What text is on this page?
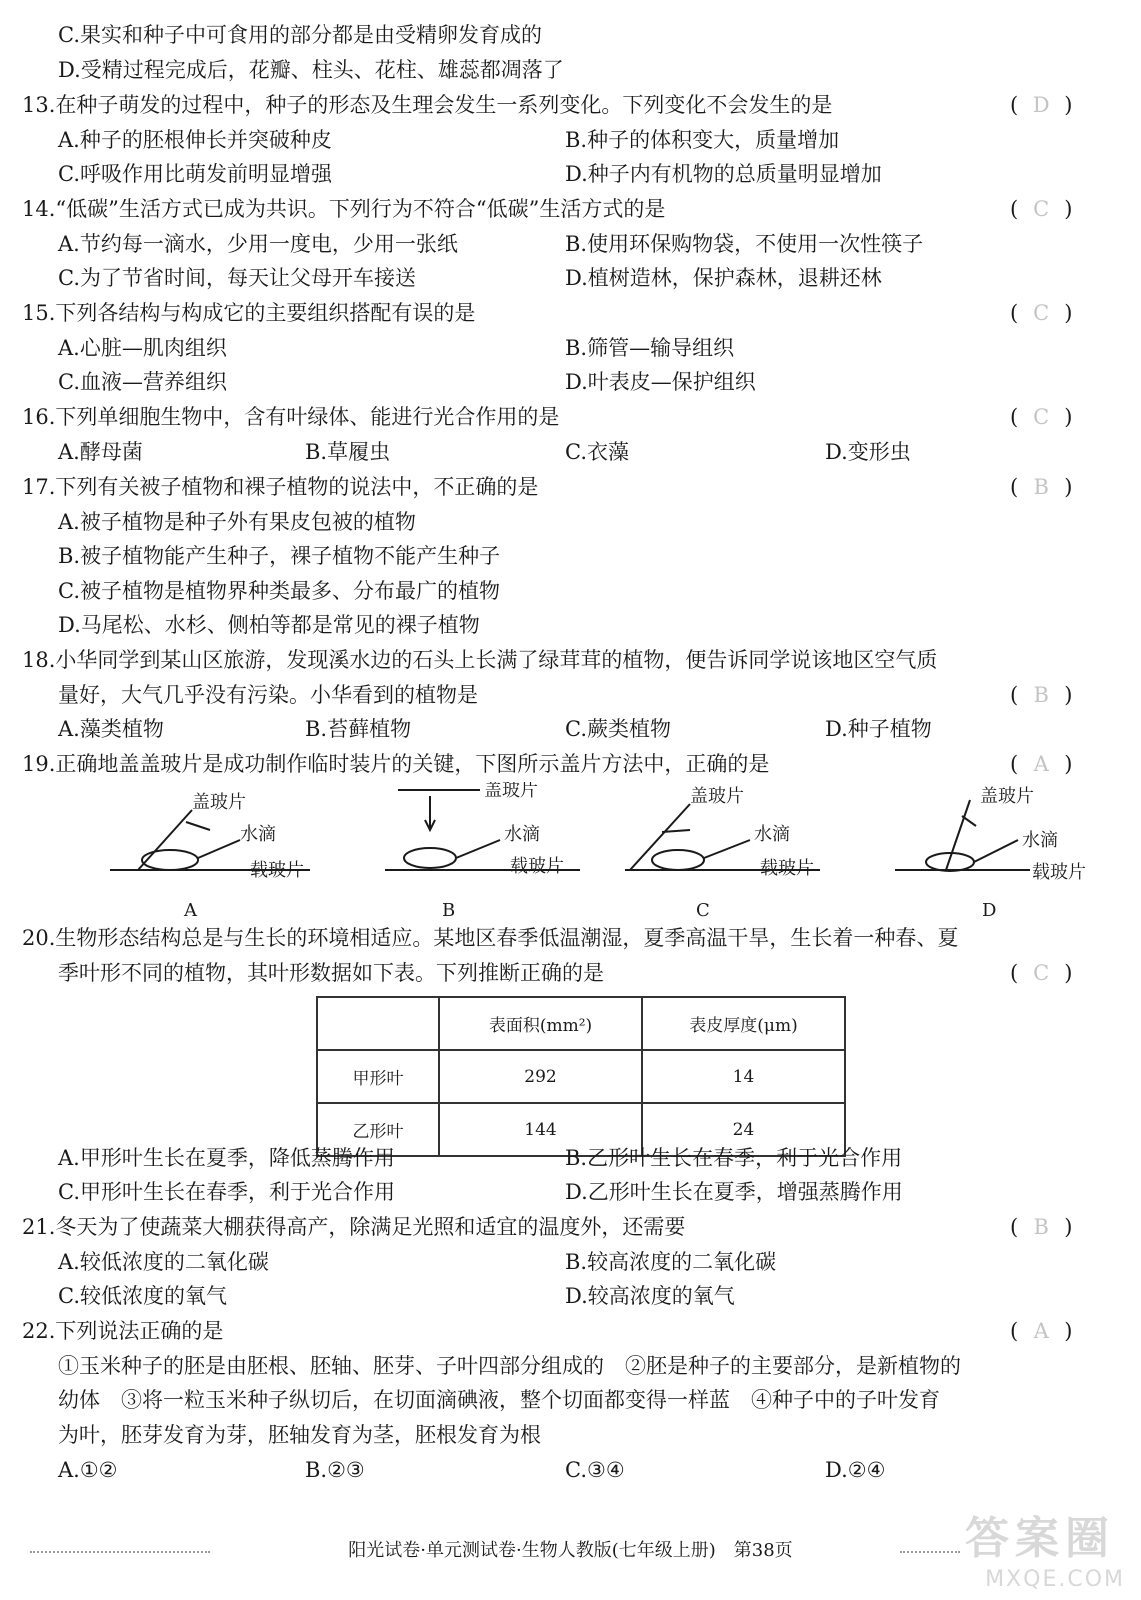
C.果实和种子中可食用的部分都是由受精卵发育成的
D.受精过程完成后，花瓣、柱头、花柱、雄蕊都凋落了
13.在种子萌发的过程中，种子的形态及生理会发生一系列变化。下列变化不会发生的是	( D )
A.种子的胚根伸长并突破种皮	B.种子的体积变大，质量增加
C.呼吸作用比萌发前明显增强	D.种子内有机物的总质量明显增加
14.“低碳”生活方式已成为共识。下列行为不符合“低碳”生活方式的是	( C )
A.节约每一滴水，少用一度电，少用一张纸	B.使用环保购物袋，不使用一次性筷子
C.为了节省时间，每天让父母开车接送	D.植树造林，保护森林，退耕还林
15.下列各结构与构成它的主要组织搭配有误的是	( C )
A.心脏—肌肉组织	B.筛管—输导组织
C.血液—营养组织	D.叶表皮—保护组织
16.下列单细胞生物中，含有叶绿体、能进行光合作用的是	( C )
A.酵母菌	B.草履虫	C.衣藻	D.变形虫
17.下列有关被子植物和裸子植物的说法中，不正确的是	( B )
A.被子植物是种子外有果皮包被的植物
B.被子植物能产生种子，裸子植物不能产生种子
C.被子植物是植物界种类最多、分布最广的植物
D.马尾松、水杉、侧柏等都是常见的裸子植物
18.小华同学到某山区旅游，发现溪水边的石头上长满了绿茸茸的植物，便告诉同学说该地区空气质
量好，大气几乎没有污染。小华看到的植物是	( B )
A.藻类植物	B.苔藓植物	C.蕨类植物	D.种子植物
19.正确地盖盖玻片是成功制作临时装片的关键，下图所示盖片方法中，正确的是	( A )
盖玻片
水滴
载玻片
A
盖玻片
水滴
载玻片
B
盖玻片
水滴
载玻片
C
盖玻片
水滴
载玻片
D
20.生物形态结构总是与生长的环境相适应。某地区春季低温潮湿，夏季高温干旱，生长着一种春、夏
季叶形不同的植物，其叶形数据如下表。下列推断正确的是	( C )
	表面积(mm²)	表皮厚度(μm)
甲形叶	292	14
乙形叶	144	24
A.甲形叶生长在夏季，降低蒸腾作用	B.乙形叶生长在春季，利于光合作用
C.甲形叶生长在春季，利于光合作用	D.乙形叶生长在夏季，增强蒸腾作用
21.冬天为了使蔬菜大棚获得高产，除满足光照和适宜的温度外，还需要	( B )
A.较低浓度的二氧化碳	B.较高浓度的二氧化碳
C.较低浓度的氧气	D.较高浓度的氧气
22.下列说法正确的是	( A )
①玉米种子的胚是由胚根、胚轴、胚芽、子叶四部分组成的　②胚是种子的主要部分，是新植物的
幼体　③将一粒玉米种子纵切后，在切面滴碘液，整个切面都变得一样蓝　④种子中的子叶发育
为叶，胚芽发育为芽，胚轴发育为茎，胚根发育为根
A.①②	B.②③	C.③④	D.②④
阳光试卷·单元测试卷·生物人教版(七年级上册)　第38页	答案圈
MXQE.COM
